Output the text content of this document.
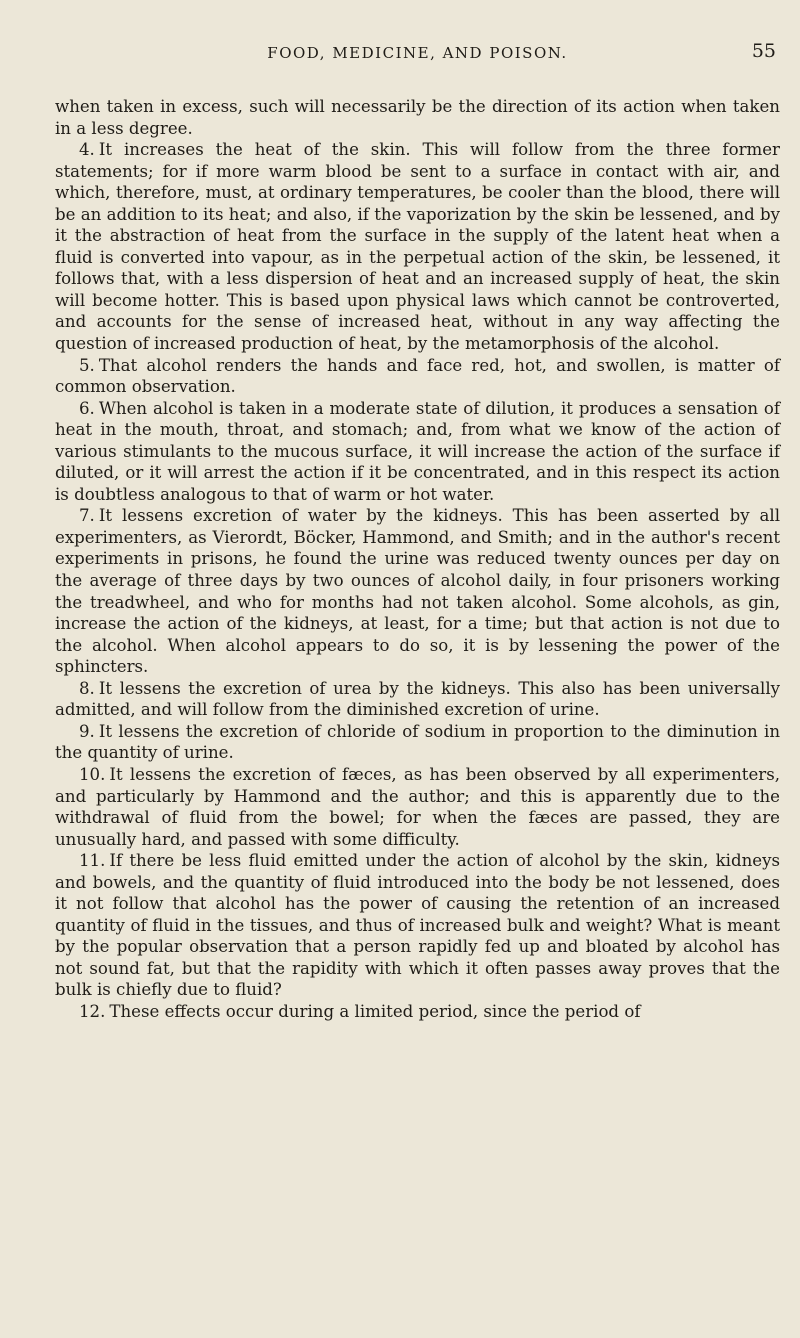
FOOD, MEDICINE, AND POISON.	55

when taken in excess, such will necessarily be the direction of its action when taken in a less degree.

4. It increases the heat of the skin. This will follow from the three former statements; for if more warm blood be sent to a surface in contact with air, and which, therefore, must, at ordinary temperatures, be cooler than the blood, there will be an addition to its heat; and also, if the vaporization by the skin be lessened, and by it the abstraction of heat from the surface in the supply of the latent heat when a fluid is converted into vapour, as in the perpetual action of the skin, be lessened, it follows that, with a less dispersion of heat and an increased supply of heat, the skin will become hotter. This is based upon physical laws which cannot be controverted, and accounts for the sense of increased heat, without in any way affecting the question of increased production of heat, by the metamorphosis of the alcohol.

5. That alcohol renders the hands and face red, hot, and swollen, is matter of common observation.

6. When alcohol is taken in a moderate state of dilution, it produces a sensation of heat in the mouth, throat, and stomach; and, from what we know of the action of various stimulants to the mucous surface, it will increase the action of the surface if diluted, or it will arrest the action if it be concentrated, and in this respect its action is doubtless analogous to that of warm or hot water.

7. It lessens excretion of water by the kidneys. This has been asserted by all experimenters, as Vierordt, Böcker, Hammond, and Smith; and in the author's recent experiments in prisons, he found the urine was reduced twenty ounces per day on the average of three days by two ounces of alcohol daily, in four prisoners working the treadwheel, and who for months had not taken alcohol. Some alcohols, as gin, increase the action of the kidneys, at least, for a time; but that action is not due to the alcohol. When alcohol appears to do so, it is by lessening the power of the sphincters.

8. It lessens the excretion of urea by the kidneys. This also has been universally admitted, and will follow from the diminished excretion of urine.

9. It lessens the excretion of chloride of sodium in proportion to the diminution in the quantity of urine.

10. It lessens the excretion of fæces, as has been observed by all experimenters, and particularly by Hammond and the author; and this is apparently due to the withdrawal of fluid from the bowel; for when the fæces are passed, they are unusually hard, and passed with some difficulty.

11. If there be less fluid emitted under the action of alcohol by the skin, kidneys and bowels, and the quantity of fluid introduced into the body be not lessened, does it not follow that alcohol has the power of causing the retention of an increased quantity of fluid in the tissues, and thus of increased bulk and weight? What is meant by the popular observation that a person rapidly fed up and bloated by alcohol has not sound fat, but that the rapidity with which it often passes away proves that the bulk is chiefly due to fluid?

12. These effects occur during a limited period, since the period of
